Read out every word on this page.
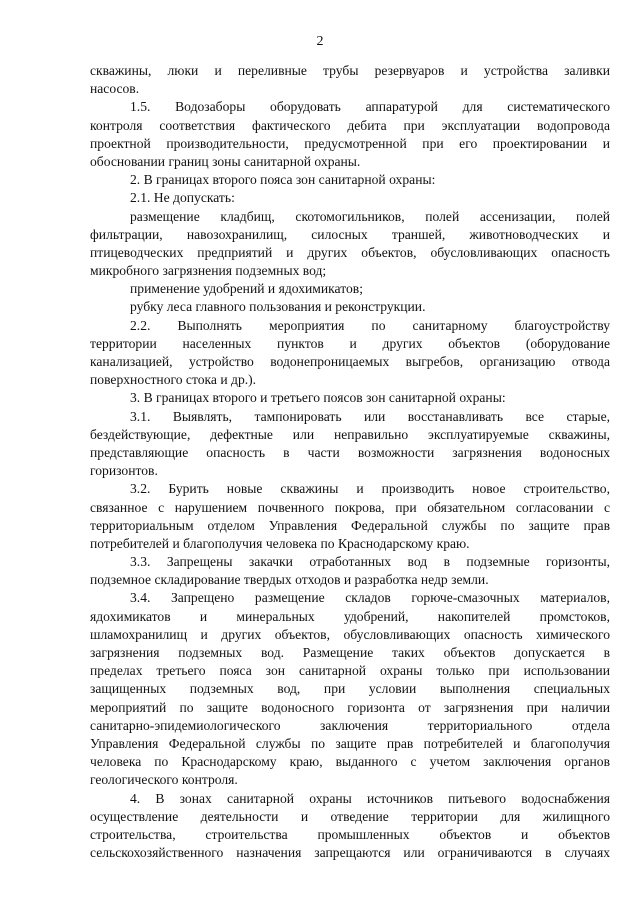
2
скважины, люки и переливные трубы резервуаров и устройства заливки
насосов.
1.5. Водозаборы оборудовать аппаратурой для систематического
контроля соответствия фактического дебита при эксплуатации водопровода
проектной производительности, предусмотренной при его проектировании и
обосновании границ зоны санитарной охраны.
2. В границах второго пояса зон санитарной охраны:
2.1. Не допускать:
размещение кладбищ, скотомогильников, полей ассенизации, полей
фильтрации, навозохранилищ, силосных траншей, животноводческих и
птицеводческих предприятий и других объектов, обусловливающих опасность
микробного загрязнения подземных вод;
применение удобрений и ядохимикатов;
рубку леса главного пользования и реконструкции.
2.2. Выполнять мероприятия по санитарному благоустройству
территории населенных пунктов и других объектов (оборудование
канализацией, устройство водонепроницаемых выгребов, организацию отвода
поверхностного стока и др.).
3. В границах второго и третьего поясов зон санитарной охраны:
3.1. Выявлять, тампонировать или восстанавливать все старые,
бездействующие, дефектные или неправильно эксплуатируемые скважины,
представляющие опасность в части возможности загрязнения водоносных
горизонтов.
3.2. Бурить новые скважины и производить новое строительство,
связанное с нарушением почвенного покрова, при обязательном согласовании с
территориальным отделом Управления Федеральной службы по защите прав
потребителей и благополучия человека по Краснодарскому краю.
3.3. Запрещены закачки отработанных вод в подземные горизонты,
подземное складирование твердых отходов и разработка недр земли.
3.4. Запрещено размещение складов горюче-смазочных материалов,
ядохимикатов и минеральных удобрений, накопителей промстоков,
шламохранилищ и других объектов, обусловливающих опасность химического
загрязнения подземных вод. Размещение таких объектов допускается в
пределах третьего пояса зон санитарной охраны только при использовании
защищенных подземных вод, при условии выполнения специальных
мероприятий по защите водоносного горизонта от загрязнения при наличии
санитарно-эпидемиологического заключения территориального отдела
Управления Федеральной службы по защите прав потребителей и благополучия
человека по Краснодарскому краю, выданного с учетом заключения органов
геологического контроля.
4. В зонах санитарной охраны источников питьевого водоснабжения
осуществление деятельности и отведение территории для жилищного
строительства, строительства промышленных объектов и объектов
сельскохозяйственного назначения запрещаются или ограничиваются в случаях
